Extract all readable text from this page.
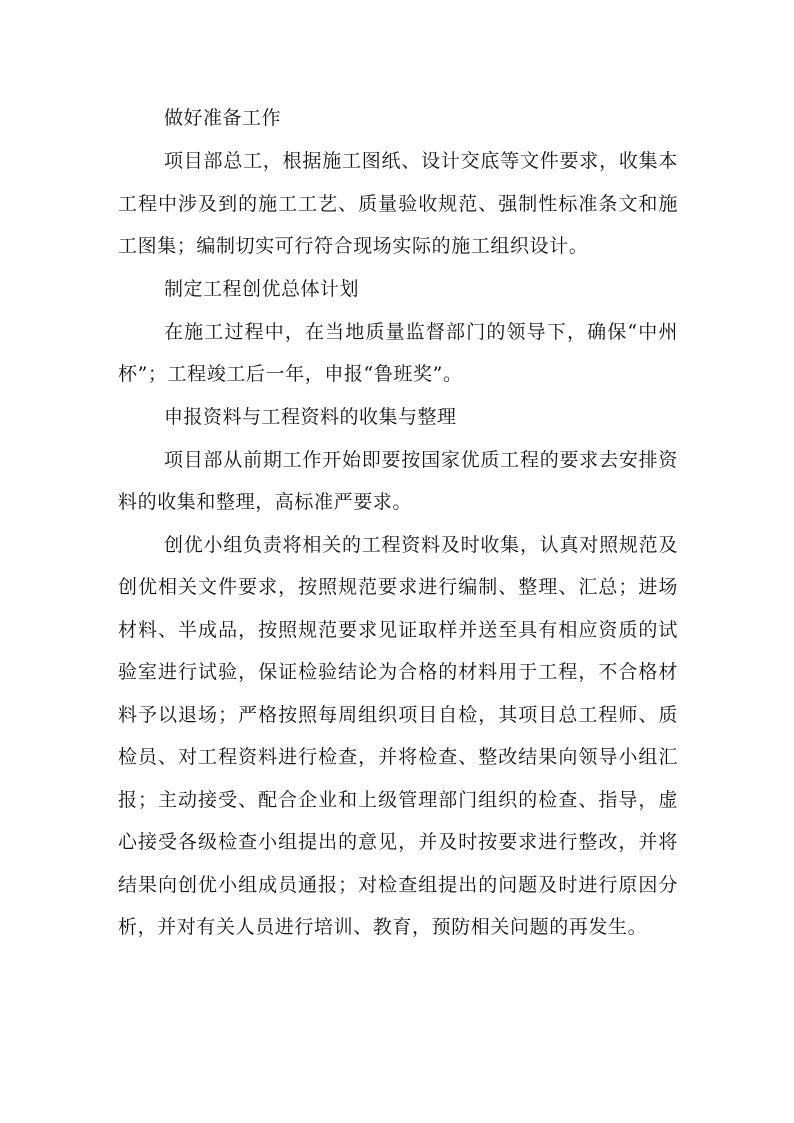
做好准备工作

项目部总工，根据施工图纸、设计交底等文件要求，收集本工程中涉及到的施工工艺、质量验收规范、强制性标准条文和施工图集；编制切实可行符合现场实际的施工组织设计。

制定工程创优总体计划

在施工过程中，在当地质量监督部门的领导下，确保“中州杯”；工程竣工后一年，申报“鲁班奖”。

申报资料与工程资料的收集与整理

项目部从前期工作开始即要按国家优质工程的要求去安排资料的收集和整理，高标准严要求。

创优小组负责将相关的工程资料及时收集，认真对照规范及创优相关文件要求，按照规范要求进行编制、整理、汇总；进场材料、半成品，按照规范要求见证取样并送至具有相应资质的试验室进行试验，保证检验结论为合格的材料用于工程，不合格材料予以退场；严格按照每周组织项目自检，其项目总工程师、质检员、对工程资料进行检查，并将检查、整改结果向领导小组汇报；主动接受、配合企业和上级管理部门组织的检查、指导，虚心接受各级检查小组提出的意见，并及时按要求进行整改，并将结果向创优小组成员通报；对检查组提出的问题及时进行原因分析，并对有关人员进行培训、教育，预防相关问题的再发生。
